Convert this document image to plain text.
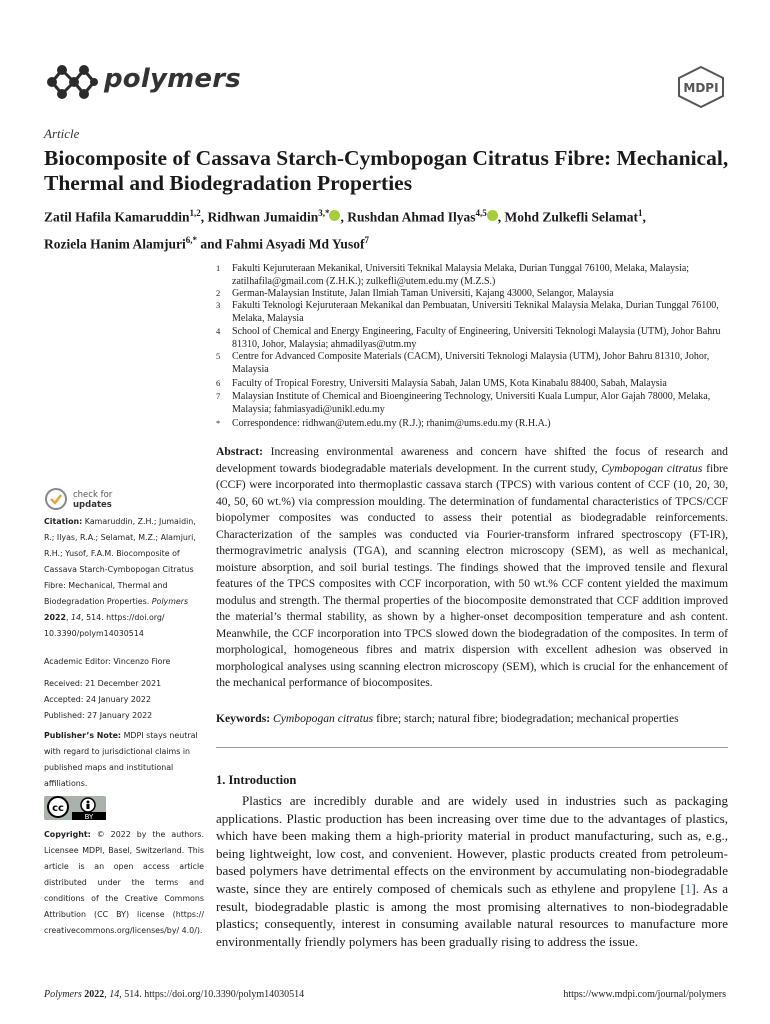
polymers	MDPI
Article
Biocomposite of Cassava Starch-Cymbopogan Citratus Fibre: Mechanical, Thermal and Biodegradation Properties
Zatil Hafila Kamaruddin$^{1,2}$, Ridhwan Jumaidin$^{3,*}$ , Rushdan Ahmad Ilyas$^{4,5}$ , Mohd Zulkefli Selamat$^1$,
Roziela Hanim Alamjuri$^{6,*}$ and Fahmi Asyadi Md Yusof$^7$
1 Fakulti Kejuruteraan Mekanikal, Universiti Teknikal Malaysia Melaka, Durian Tunggal 76100, Melaka, Malaysia; zatilhafila@gmail.com (Z.H.K.); zulkefli@utem.edu.my (M.Z.S.)
2 German-Malaysian Institute, Jalan Ilmiah Taman Universiti, Kajang 43000, Selangor, Malaysia
3 Fakulti Teknologi Kejuruteraan Mekanikal dan Pembuatan, Universiti Teknikal Malaysia Melaka, Durian Tunggal 76100, Melaka, Malaysia
4 School of Chemical and Energy Engineering, Faculty of Engineering, Universiti Teknologi Malaysia (UTM), Johor Bahru 81310, Johor, Malaysia; ahmadilyas@utm.my
5 Centre for Advanced Composite Materials (CACM), Universiti Teknologi Malaysia (UTM), Johor Bahru 81310, Johor, Malaysia
6 Faculty of Tropical Forestry, Universiti Malaysia Sabah, Jalan UMS, Kota Kinabalu 88400, Sabah, Malaysia
7 Malaysian Institute of Chemical and Bioengineering Technology, Universiti Kuala Lumpur, Alor Gajah 78000, Melaka, Malaysia; fahmiasyadi@unikl.edu.my
* Correspondence: ridhwan@utem.edu.my (R.J.); rhanim@ums.edu.my (R.H.A.)
check for
updates
Citation: Kamaruddin, Z.H.; Jumaidin, R.; Ilyas, R.A.; Selamat, M.Z.; Alamjuri, R.H.; Yusof, F.A.M. Biocomposite of Cassava Starch-Cymbopogan Citratus Fibre: Mechanical, Thermal and Biodegradation Properties. Polymers 2022, 14, 514. https://doi.org/ 10.3390/polym14030514
Academic Editor: Vincenzo Fiore
Received: 21 December 2021
Accepted: 24 January 2022
Published: 27 January 2022
Publisher’s Note: MDPI stays neutral with regard to jurisdictional claims in published maps and institutional affiliations.
cc
BY
Copyright: © 2022 by the authors. Licensee MDPI, Basel, Switzerland. This article is an open access article distributed under the terms and conditions of the Creative Commons Attribution (CC BY) license (https:// creativecommons.org/licenses/by/ 4.0/).
Abstract: Increasing environmental awareness and concern have shifted the focus of research and development towards biodegradable materials development. In the current study, Cymbopogan citratus fibre (CCF) were incorporated into thermoplastic cassava starch (TPCS) with various content of CCF (10, 20, 30, 40, 50, 60 wt.%) via compression moulding. The determination of fundamental characteristics of TPCS/CCF biopolymer composites was conducted to assess their potential as biodegradable reinforcements. Characterization of the samples was conducted via Fourier-transform infrared spectroscopy (FT-IR), thermogravimetric analysis (TGA), and scanning electron microscopy (SEM), as well as mechanical, moisture absorption, and soil burial testings. The findings showed that the improved tensile and flexural features of the TPCS composites with CCF incorporation, with 50 wt.% CCF content yielded the maximum modulus and strength. The thermal properties of the biocomposite demonstrated that CCF addition improved the material’s thermal stability, as shown by a higher-onset decomposition temperature and ash content. Meanwhile, the CCF incorporation into TPCS slowed down the biodegradation of the composites. In term of morphological, homogeneous fibres and matrix dispersion with excellent adhesion was observed in morphological analyses using scanning electron microscopy (SEM), which is crucial for the enhancement of the mechanical performance of biocomposites.
Keywords: Cymbopogan citratus fibre; starch; natural fibre; biodegradation; mechanical properties
1. Introduction
Plastics are incredibly durable and are widely used in industries such as packaging applications. Plastic production has been increasing over time due to the advantages of plastics, which have been making them a high-priority material in product manufacturing, such as, e.g., being lightweight, low cost, and convenient. However, plastic products created from petroleum-based polymers have detrimental effects on the environment by accumulating non-biodegradable waste, since they are entirely composed of chemicals such as ethylene and propylene [1]. As a result, biodegradable plastic is among the most promising alternatives to non-biodegradable plastics; consequently, interest in consuming available natural resources to manufacture more environmentally friendly polymers has been gradually rising to address the issue.
Polymers 2022, 14, 514. https://doi.org/10.3390/polym14030514	https://www.mdpi.com/journal/polymers
